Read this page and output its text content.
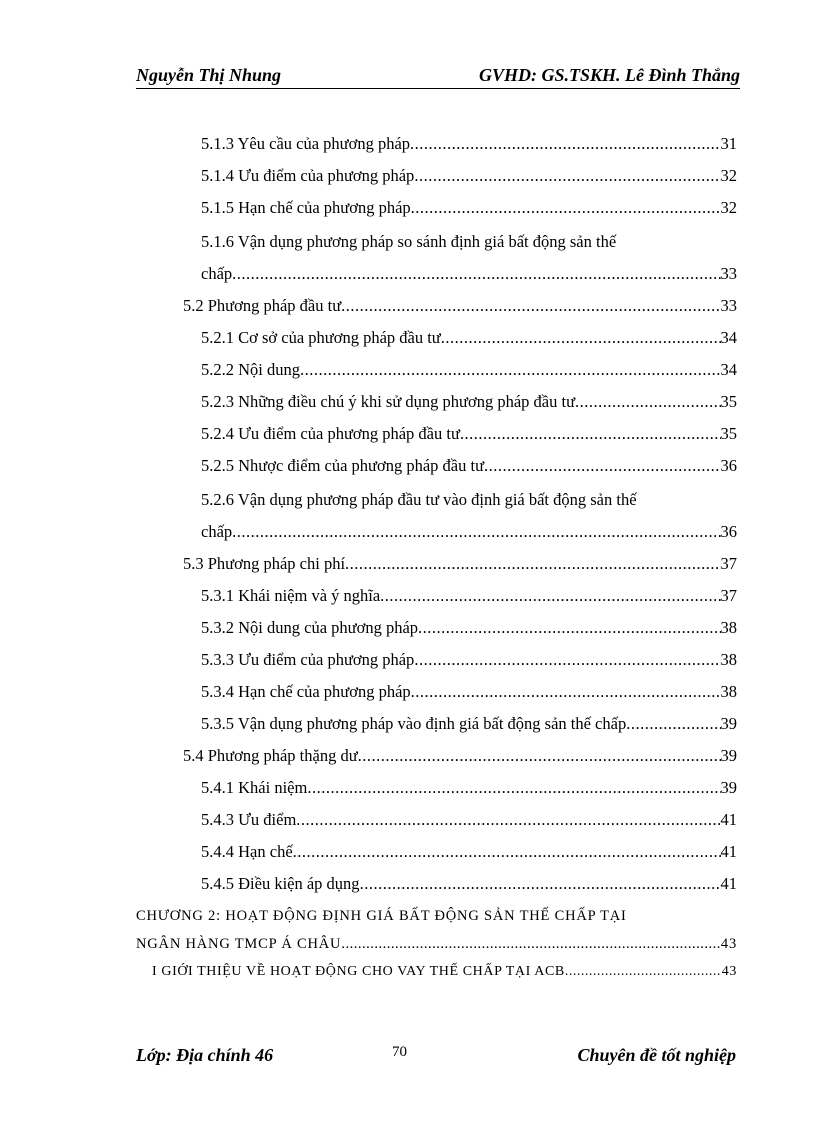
Nguyễn Thị Nhung	GVHD: GS.TSKH. Lê Đình Thắng
5.1.3 Yêu cầu của phương pháp .....	31
5.1.4 Ưu điểm của phương pháp .....	32
5.1.5 Hạn chế của phương pháp .....	32
5.1.6 Vận dụng phương pháp so sánh định giá bất động sản thế
chấp .....	33
5.2 Phương pháp đầu tư .....	33
5.2.1 Cơ sở của phương pháp đầu tư .....	34
5.2.2 Nội dung .....	34
5.2.3 Những điều chú ý khi sử dụng phương pháp đầu tư .....	35
5.2.4 Ưu điểm của phương pháp đầu tư .....	35
5.2.5 Nhược điểm của phương pháp đầu tư .....	36
5.2.6 Vận dụng phương pháp đầu tư vào định giá bất động sản thế
chấp .....	36
5.3 Phương pháp chi phí .....	37
5.3.1 Khái niệm và ý nghĩa .....	37
5.3.2 Nội dung của phương pháp .....	38
5.3.3 Ưu điểm của phương pháp .....	38
5.3.4 Hạn chế của phương pháp .....	38
5.3.5 Vận dụng phương pháp vào định giá bất động sản thế chấp .....	39
5.4 Phương pháp thặng dư .....	39
5.4.1 Khái niệm .....	39
5.4.3 Ưu điểm .....	41
5.4.4 Hạn chế .....	41
5.4.5 Điều kiện áp dụng .....	41
CHƯƠNG 2: HOẠT ĐỘNG ĐỊNH GIÁ BẤT ĐỘNG SẢN THẾ CHẤP TẠI
NGÂN HÀNG TMCP Á CHÂU .....	43
I GIỚI THIỆU VỀ HOẠT ĐỘNG CHO VAY THẾ CHẤP TẠI ACB .....	43
Lớp: Địa chính 46	70	Chuyên đề tốt nghiệp
